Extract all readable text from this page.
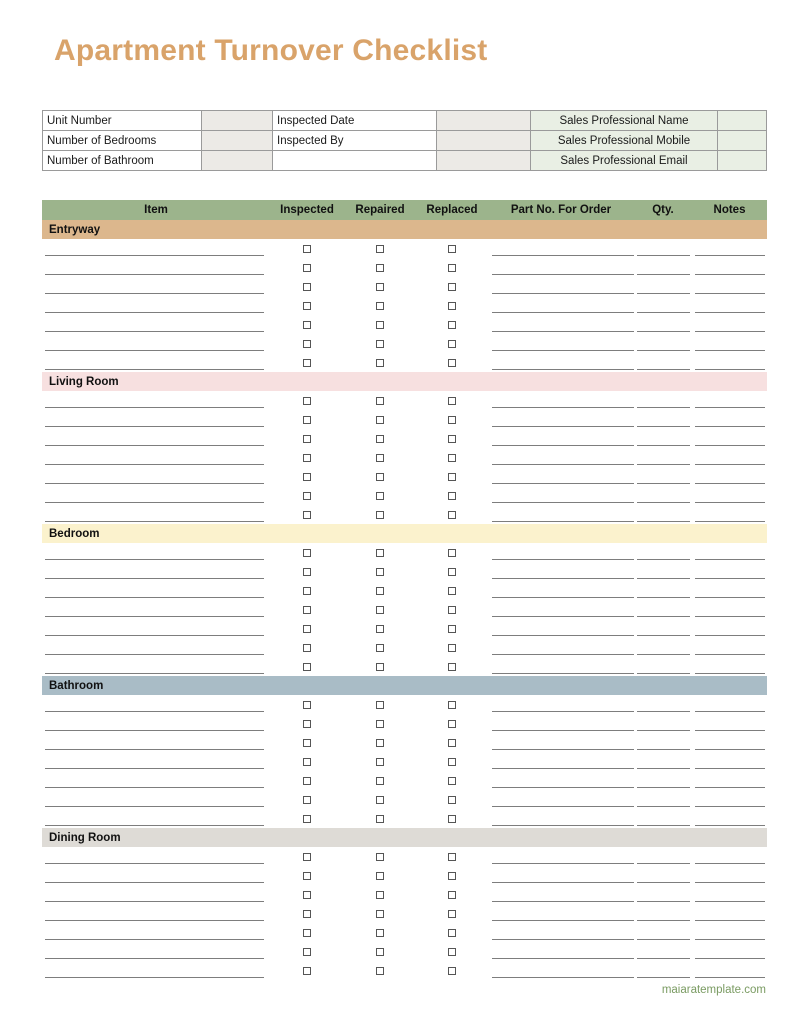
Apartment Turnover Checklist
Unit Number		Inspected Date		Sales Professional Name	
Number of Bedrooms		Inspected By		Sales Professional Mobile	
Number of Bathroom				Sales Professional Email	
Item	Inspected	Repaired	Replaced	Part No. For Order	Qty.	Notes
Entryway
Living Room
Bedroom
Bathroom
Dining Room
maiaratemplate.com
